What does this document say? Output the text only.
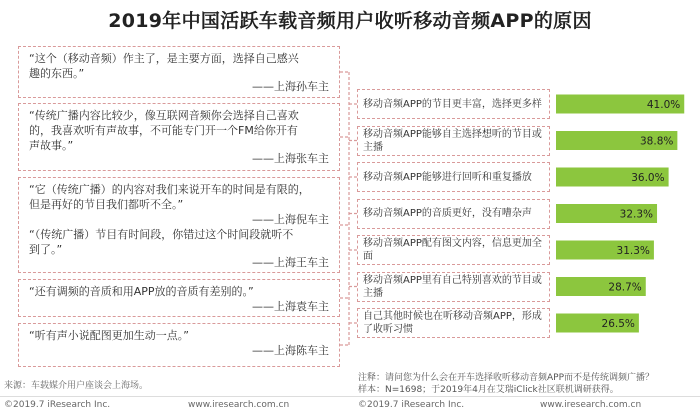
2019年中国活跃车载音频用户收听移动音频APP的原因
“这个（移动音频）作主了，是主要方面，选择自己感兴
趣的东西。”
——上海孙车主
“传统广播内容比较少，像互联网音频你会选择自己喜欢
的，我喜欢听有声故事，不可能专门开一个FM给你开有
声故事。”
——上海张车主
“它（传统广播）的内容对我们来说开车的时间是有限的，
但是再好的节目我们都听不全。”
——上海倪车主
“（传统广播）节目有时间段，你错过这个时间段就听不
到了。”
——上海王车主
“还有调频的音质和用APP放的音质有差别的。”
——上海袁车主
“听有声小说配图更加生动一点。”
——上海陈车主
41.0%
38.8%
36.0%
32.3%
31.3%
28.7%
26.5%
移动音频APP的节目更丰富，选择更多样
移动音频APP能够自主选择想听的节目或主播
移动音频APP能够进行回听和重复播放
移动音频APP的音质更好，没有嘈杂声
移动音频APP配有图文内容，信息更加全面
移动音频APP里有自己特别喜欢的节目或主播
自己其他时候也在听移动音频APP，形成了收听习惯
注释：请问您为什么会在开车选择收听移动音频APP而不是传统调频广播？
样本：N=1698；于2019年4月在艾瑞iClick社区联机调研获得。
来源：车载媒介用户座谈会上海场。
©2019.7 iResearch Inc.	www.iresearch.com.cn	©2019.7 iResearch Inc.	www.iresearch.com.cn
